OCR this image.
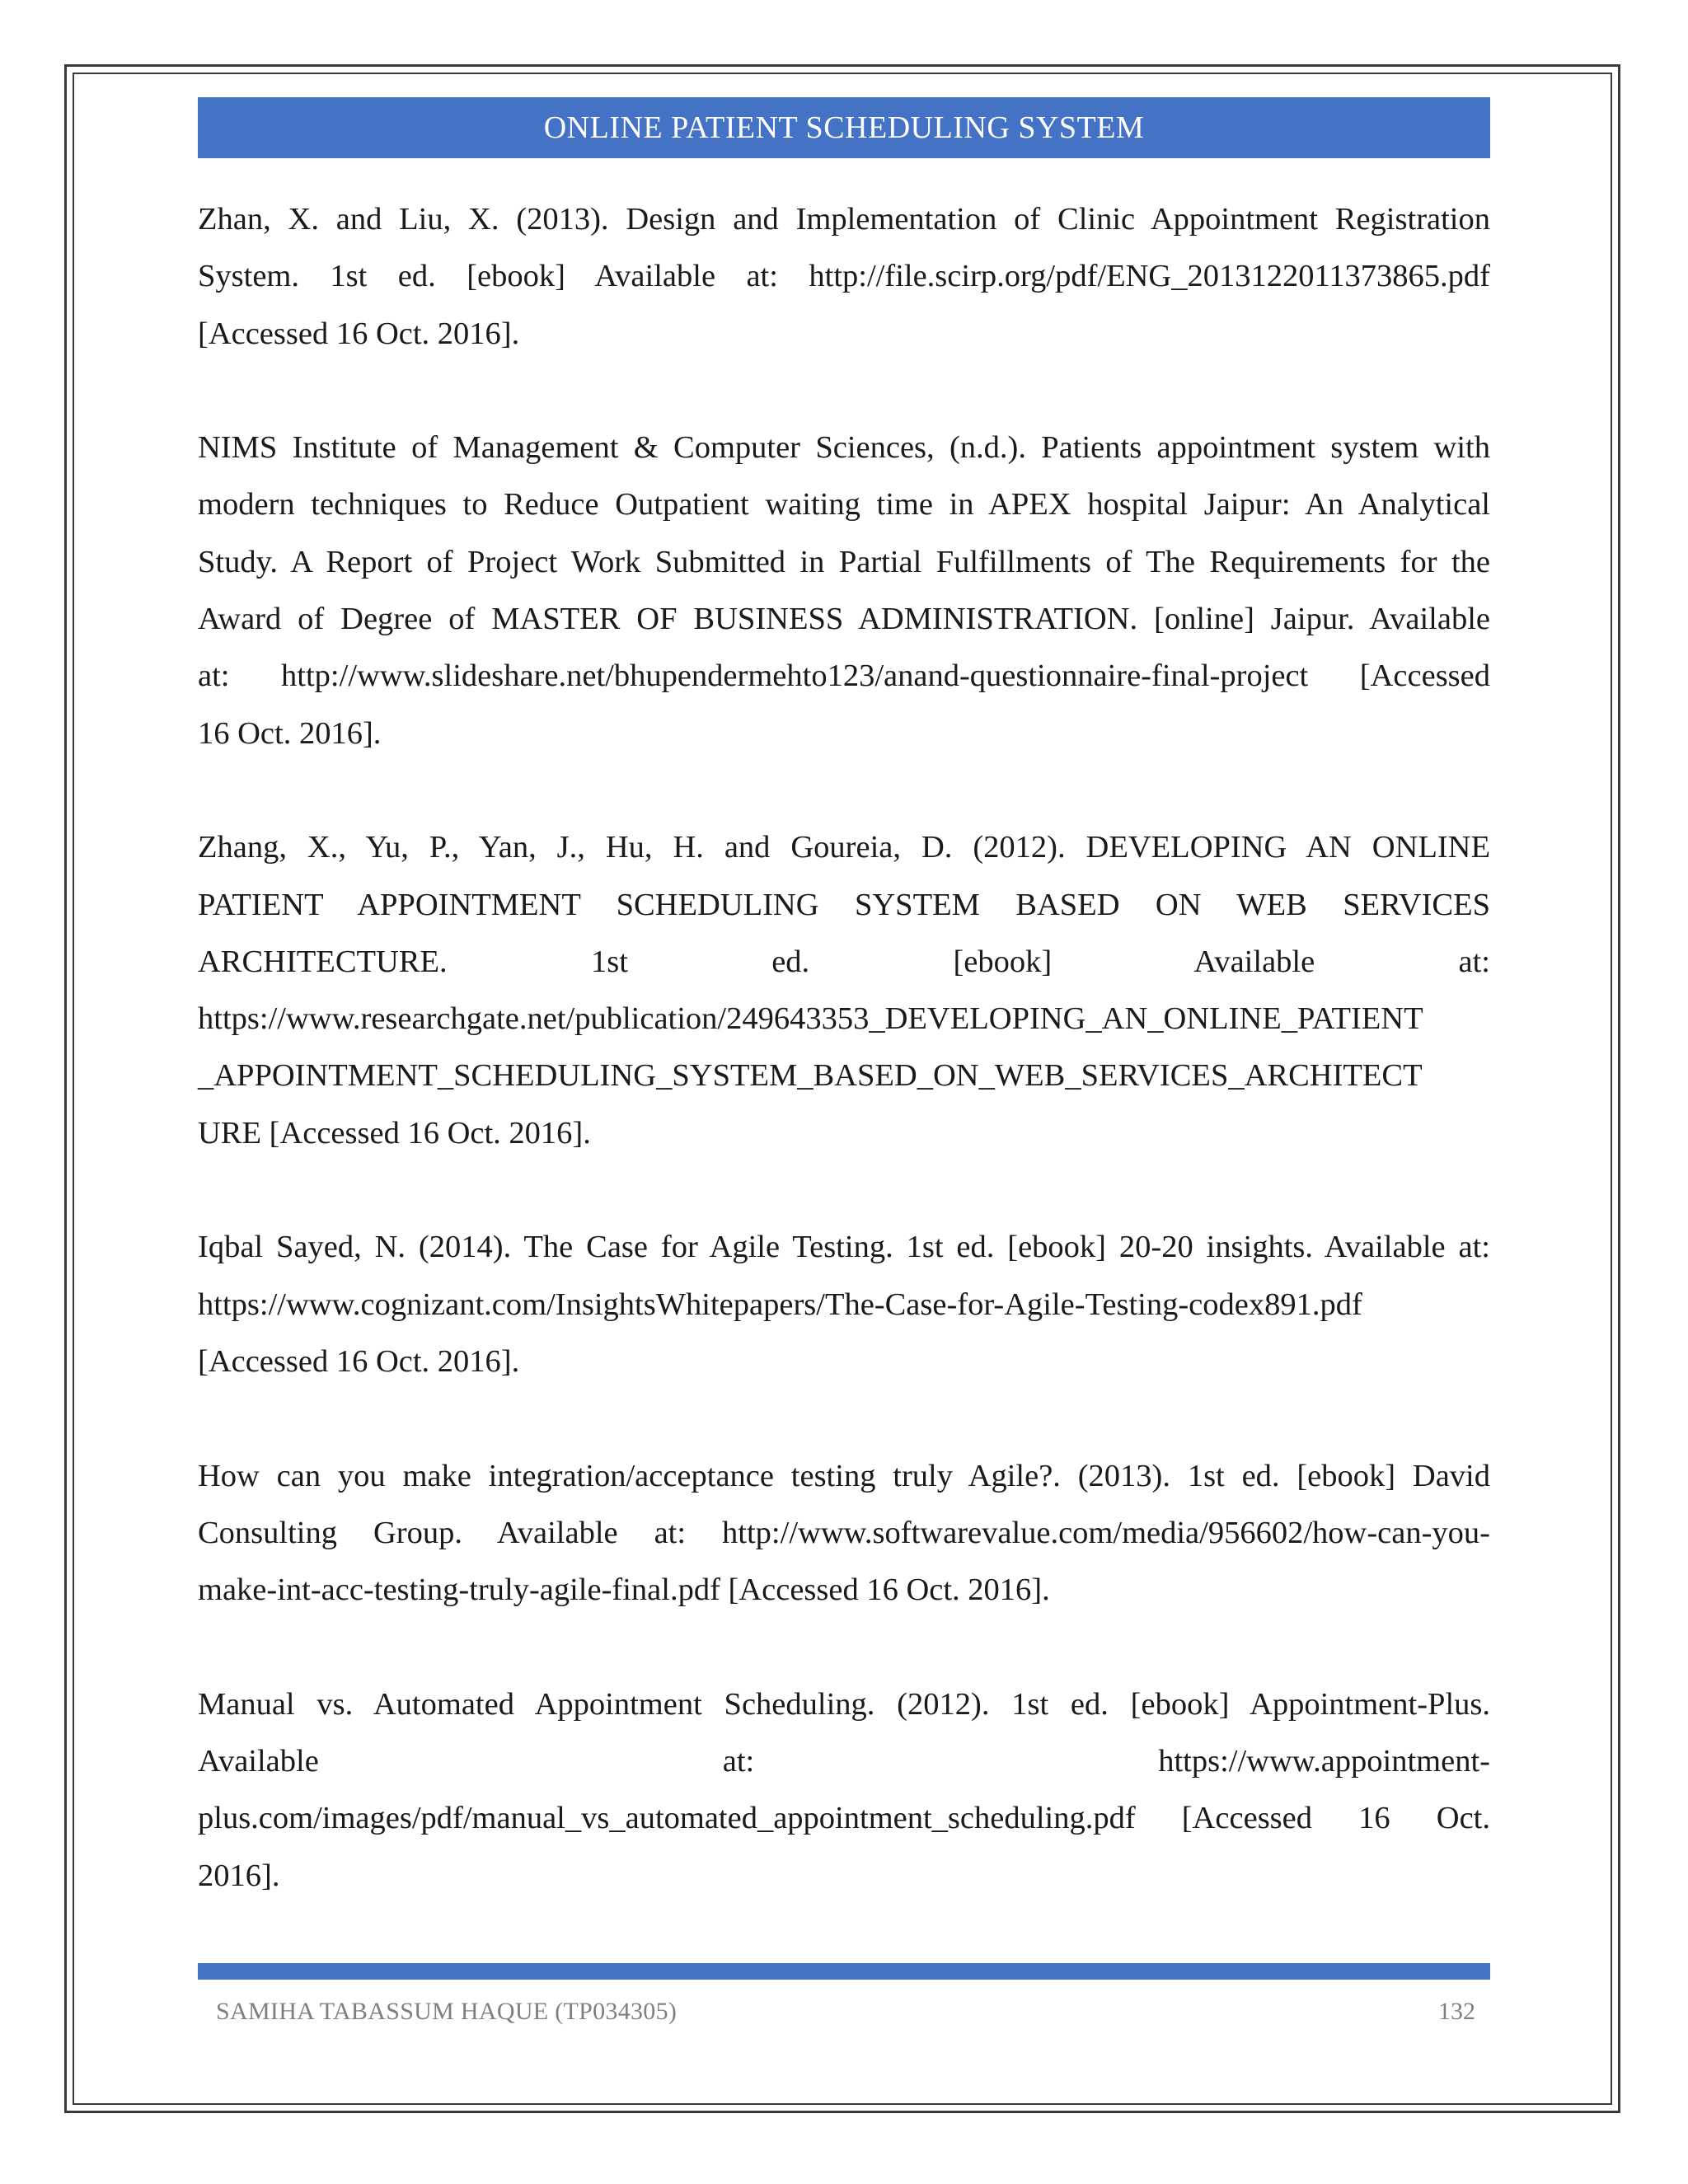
ONLINE PATIENT SCHEDULING SYSTEM

Zhan, X. and Liu, X. (2013). Design and Implementation of Clinic Appointment Registration
System. 1st ed. [ebook] Available at: http://file.scirp.org/pdf/ENG_2013122011373865.pdf
[Accessed 16 Oct. 2016].

NIMS Institute of Management & Computer Sciences, (n.d.). Patients appointment system with
modern techniques to Reduce Outpatient waiting time in APEX hospital Jaipur: An Analytical
Study. A Report of Project Work Submitted in Partial Fulfillments of The Requirements for the
Award of Degree of MASTER OF BUSINESS ADMINISTRATION. [online] Jaipur. Available
at: http://www.slideshare.net/bhupendermehto123/anand-questionnaire-final-project [Accessed
16 Oct. 2016].

Zhang, X., Yu, P., Yan, J., Hu, H. and Goureia, D. (2012). DEVELOPING AN ONLINE
PATIENT APPOINTMENT SCHEDULING SYSTEM BASED ON WEB SERVICES
ARCHITECTURE. 1st ed. [ebook] Available at:
https://www.researchgate.net/publication/249643353_DEVELOPING_AN_ONLINE_PATIENT
_APPOINTMENT_SCHEDULING_SYSTEM_BASED_ON_WEB_SERVICES_ARCHITECT
URE [Accessed 16 Oct. 2016].

Iqbal Sayed, N. (2014). The Case for Agile Testing. 1st ed. [ebook] 20-20 insights. Available at:
https://www.cognizant.com/InsightsWhitepapers/The-Case-for-Agile-Testing-codex891.pdf
[Accessed 16 Oct. 2016].

How can you make integration/acceptance testing truly Agile?. (2013). 1st ed. [ebook] David
Consulting Group. Available at: http://www.softwarevalue.com/media/956602/how-can-you-
make-int-acc-testing-truly-agile-final.pdf [Accessed 16 Oct. 2016].

Manual vs. Automated Appointment Scheduling. (2012). 1st ed. [ebook] Appointment-Plus.
Available at: https://www.appointment-
plus.com/images/pdf/manual_vs_automated_appointment_scheduling.pdf [Accessed 16 Oct.
2016].

SAMIHA TABASSUM HAQUE (TP034305)	132
